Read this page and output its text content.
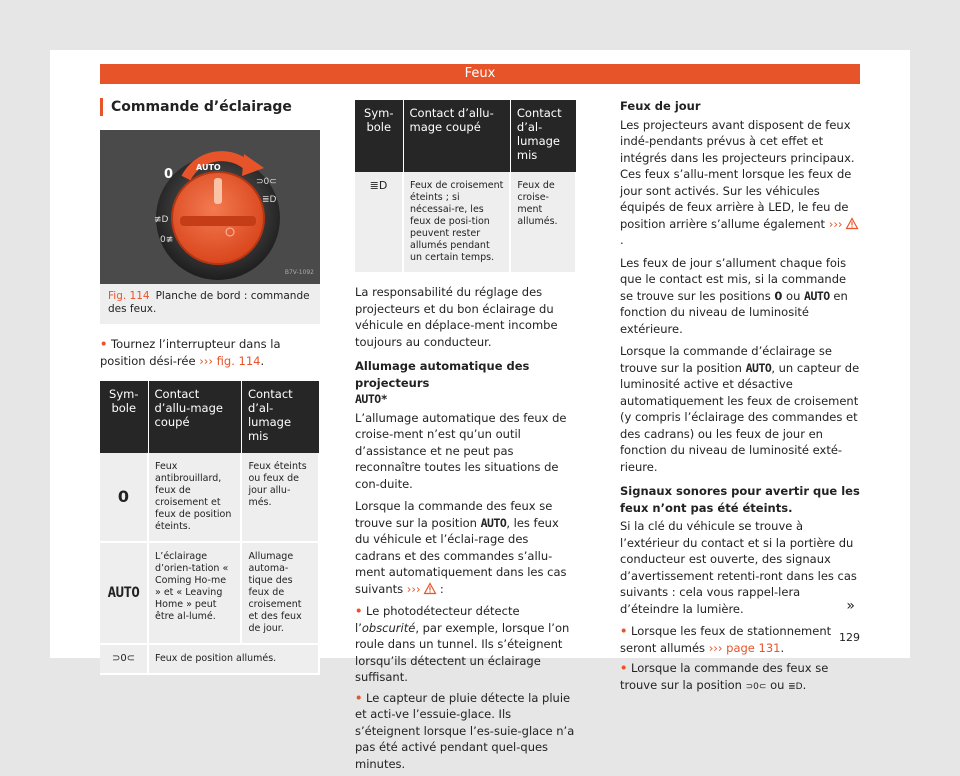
Feux
Commande d’éclairage
0	AUTO
⊃0⊂
≣D
≢D
0≢
B7V-1092
Fig. 114 Planche de bord : commande des feux.
• Tournez l’interrupteur dans la position dési-rée ››› fig. 114.
Sym-bole	Contact d’allu-mage coupé	Contact d’al-lumage mis
0	Feux antibrouillard, feux de croisement et feux de position éteints.	Feux éteints ou feux de jour allu-més.
AUTO	L’éclairage d’orien-tation « Coming Ho-me » et « Leaving Home » peut être al-lumé.	Allumage automa-tique des feux de croisement et des feux de jour.
⊃0⊂	Feux de position allumés.	
Sym-bole	Contact d’allu-mage coupé	Contact d’al-lumage mis
≣D	Feux de croisement éteints ; si nécessai-re, les feux de posi-tion peuvent rester allumés pendant un certain temps.	Feux de croise-ment allumés.
La responsabilité du réglage des projecteurs et du bon éclairage du véhicule en déplace-ment incombe toujours au conducteur.
Allumage automatique des projecteurs
AUTO*
L’allumage automatique des feux de croise-ment n’est qu’un outil d’assistance et ne peut pas reconnaître toutes les situations de con-duite.
Lorsque la commande des feux se trouve sur la position AUTO, les feux du véhicule et l’éclai-rage des cadrans et des commandes s’allu-ment automatiquement dans les cas suivants ››› :
• Le photodétecteur détecte l’obscurité, par exemple, lorsque l’on roule dans un tunnel. Ils s’éteignent lorsqu’ils détectent un éclairage suffisant.
• Le capteur de pluie détecte la pluie et acti-ve l’essuie-glace. Ils s’éteignent lorsque l’es-suie-glace n’a pas été activé pendant quel-ques minutes.
Feux de jour
Les projecteurs avant disposent de feux indé-pendants prévus à cet effet et intégrés dans les projecteurs principaux. Ces feux s’allu-ment lorsque les feux de jour sont activés. Sur les véhicules équipés de feux arrière à LED, le feu de position arrière s’allume également ››› .
Les feux de jour s’allument chaque fois que le contact est mis, si la commande se trouve sur les positions 0 ou AUTO en fonction du niveau de luminosité extérieure.
Lorsque la commande d’éclairage se trouve sur la position AUTO, un capteur de luminosité active et désactive automatiquement les feux de croisement (y compris l’éclairage des commandes et des cadrans) ou les feux de jour en fonction du niveau de luminosité exté-rieure.
Signaux sonores pour avertir que les feux n’ont pas été éteints.
Si la clé du véhicule se trouve à l’extérieur du contact et si la portière du conducteur est ouverte, des signaux d’avertissement retenti-ront dans les cas suivants : cela vous rappel-lera d’éteindre la lumière.
• Lorsque les feux de stationnement seront allumés ››› page 131.
• Lorsque la commande des feux se trouve sur la position ⊃0⊂ ou ≣D.
»
129
